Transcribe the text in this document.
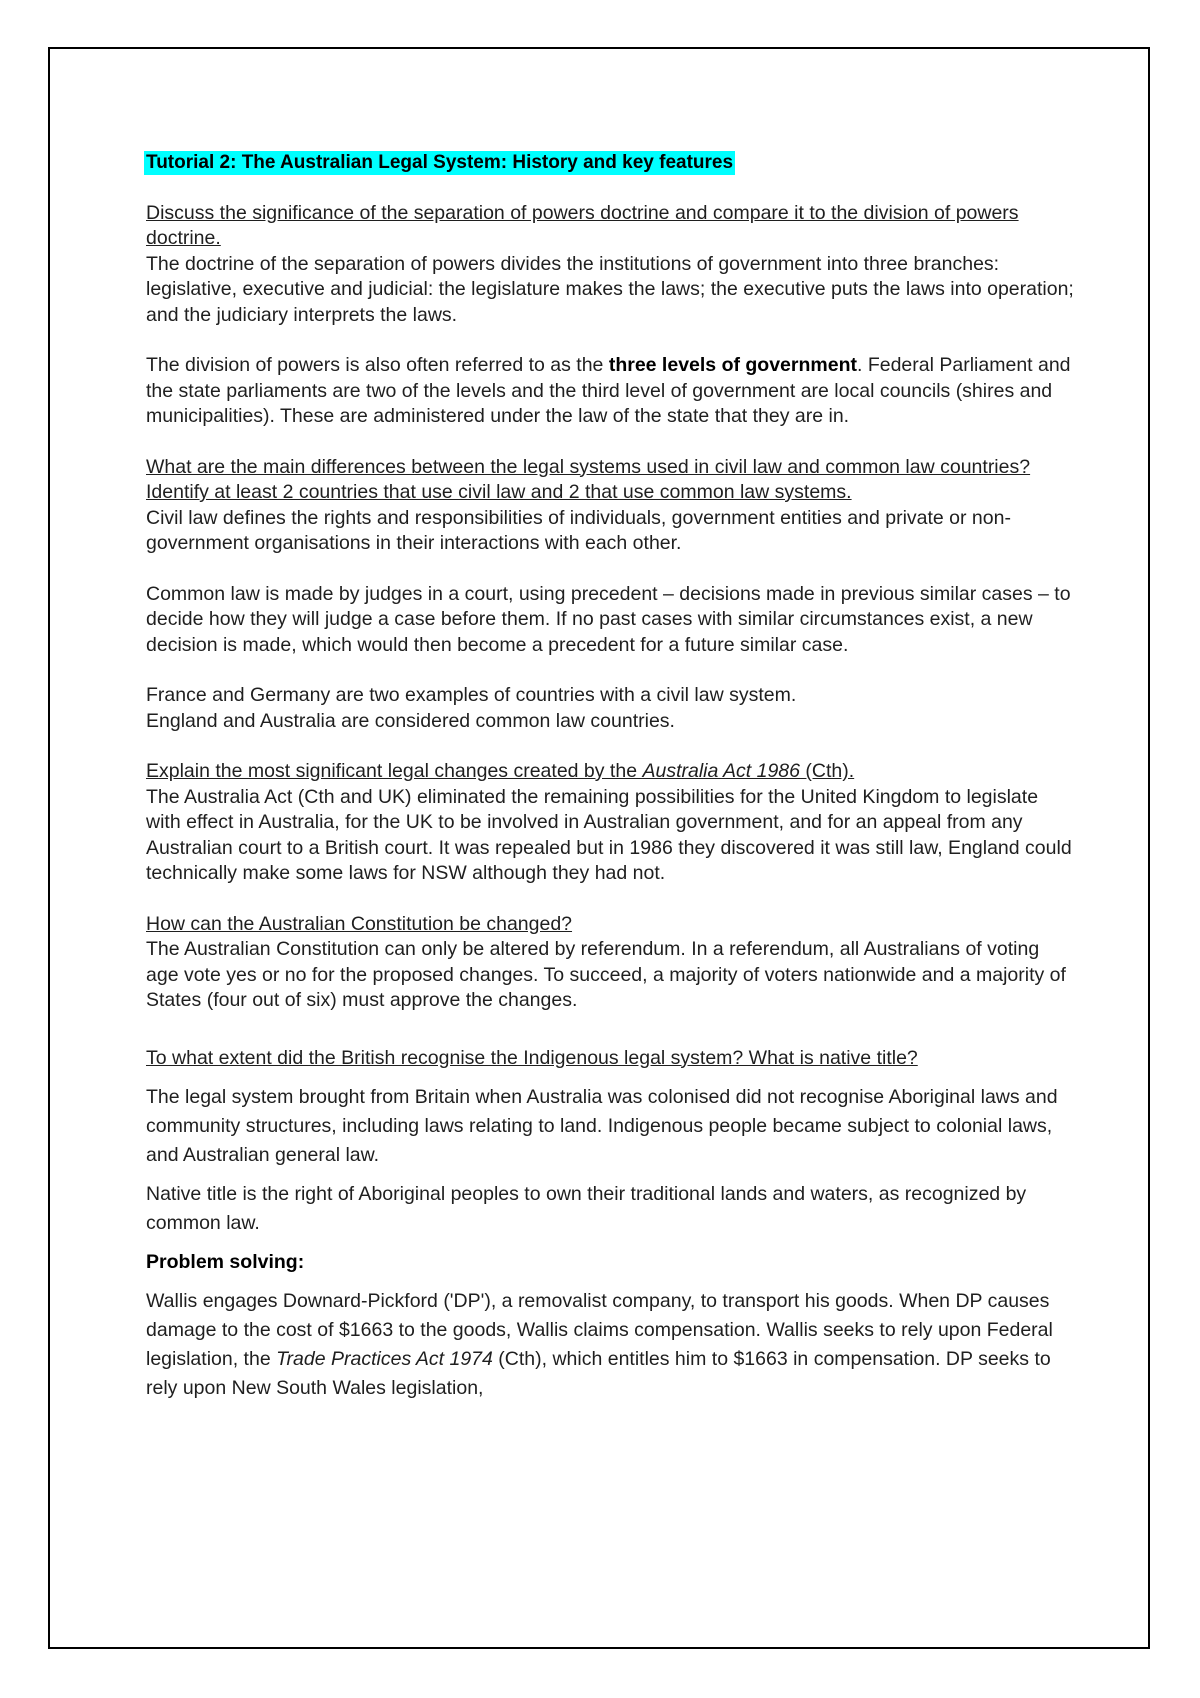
Tutorial 2: The Australian Legal System: History and key features

Discuss the significance of the separation of powers doctrine and compare it to the division of powers doctrine.

The doctrine of the separation of powers divides the institutions of government into three branches: legislative, executive and judicial: the legislature makes the laws; the executive puts the laws into operation; and the judiciary interprets the laws.

The division of powers is also often referred to as the three levels of government. Federal Parliament and the state parliaments are two of the levels and the third level of government are local councils (shires and municipalities). These are administered under the law of the state that they are in.

What are the main differences between the legal systems used in civil law and common law countries? Identify at least 2 countries that use civil law and 2 that use common law systems.

Civil law defines the rights and responsibilities of individuals, government entities and private or non-government organisations in their interactions with each other.

Common law is made by judges in a court, using precedent – decisions made in previous similar cases – to decide how they will judge a case before them. If no past cases with similar circumstances exist, a new decision is made, which would then become a precedent for a future similar case.

France and Germany are two examples of countries with a civil law system.

England and Australia are considered common law countries.

Explain the most significant legal changes created by the Australia Act 1986 (Cth).

The Australia Act (Cth and UK) eliminated the remaining possibilities for the United Kingdom to legislate with effect in Australia, for the UK to be involved in Australian government, and for an appeal from any Australian court to a British court. It was repealed but in 1986 they discovered it was still law, England could technically make some laws for NSW although they had not.

How can the Australian Constitution be changed?

The Australian Constitution can only be altered by referendum. In a referendum, all Australians of voting age vote yes or no for the proposed changes. To succeed, a majority of voters nationwide and a majority of States (four out of six) must approve the changes.

To what extent did the British recognise the Indigenous legal system? What is native title?

The legal system brought from Britain when Australia was colonised did not recognise Aboriginal laws and community structures, including laws relating to land. Indigenous people became subject to colonial laws, and Australian general law.

Native title is the right of Aboriginal peoples to own their traditional lands and waters, as recognized by common law.

Problem solving:

Wallis engages Downard-Pickford ('DP'), a removalist company, to transport his goods. When DP causes damage to the cost of $1663 to the goods, Wallis claims compensation. Wallis seeks to rely upon Federal legislation, the Trade Practices Act 1974 (Cth), which entitles him to $1663 in compensation. DP seeks to rely upon New South Wales legislation,
